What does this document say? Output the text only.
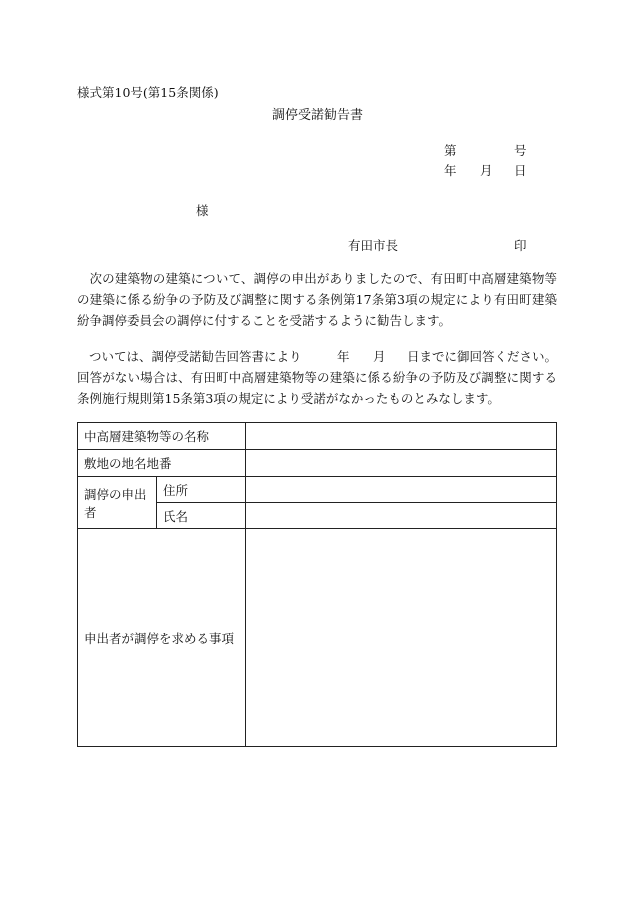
様式第10号(第15条関係)
調停受諾勧告書
第	号
年 月 日
様
有田市長	印
次の建築物の建築について、調停の申出がありましたので、有田町中高層建築物等の建築に係る紛争の予防及び調整に関する条例第17条第3項の規定により有田町建築紛争調停委員会の調停に付することを受諾するように勧告します。
ついては、調停受諾勧告回答書により	年 月 日までに御回答ください。
回答がない場合は、有田町中高層建築物等の建築に係る紛争の予防及び調整に関する条例施行規則第15条第3項の規定により受諾がなかったものとみなします。
中高層建築物等の名称		
敷地の地名地番		
調停の申出者	住所	
	氏名	
申出者が調停を求める事項		
